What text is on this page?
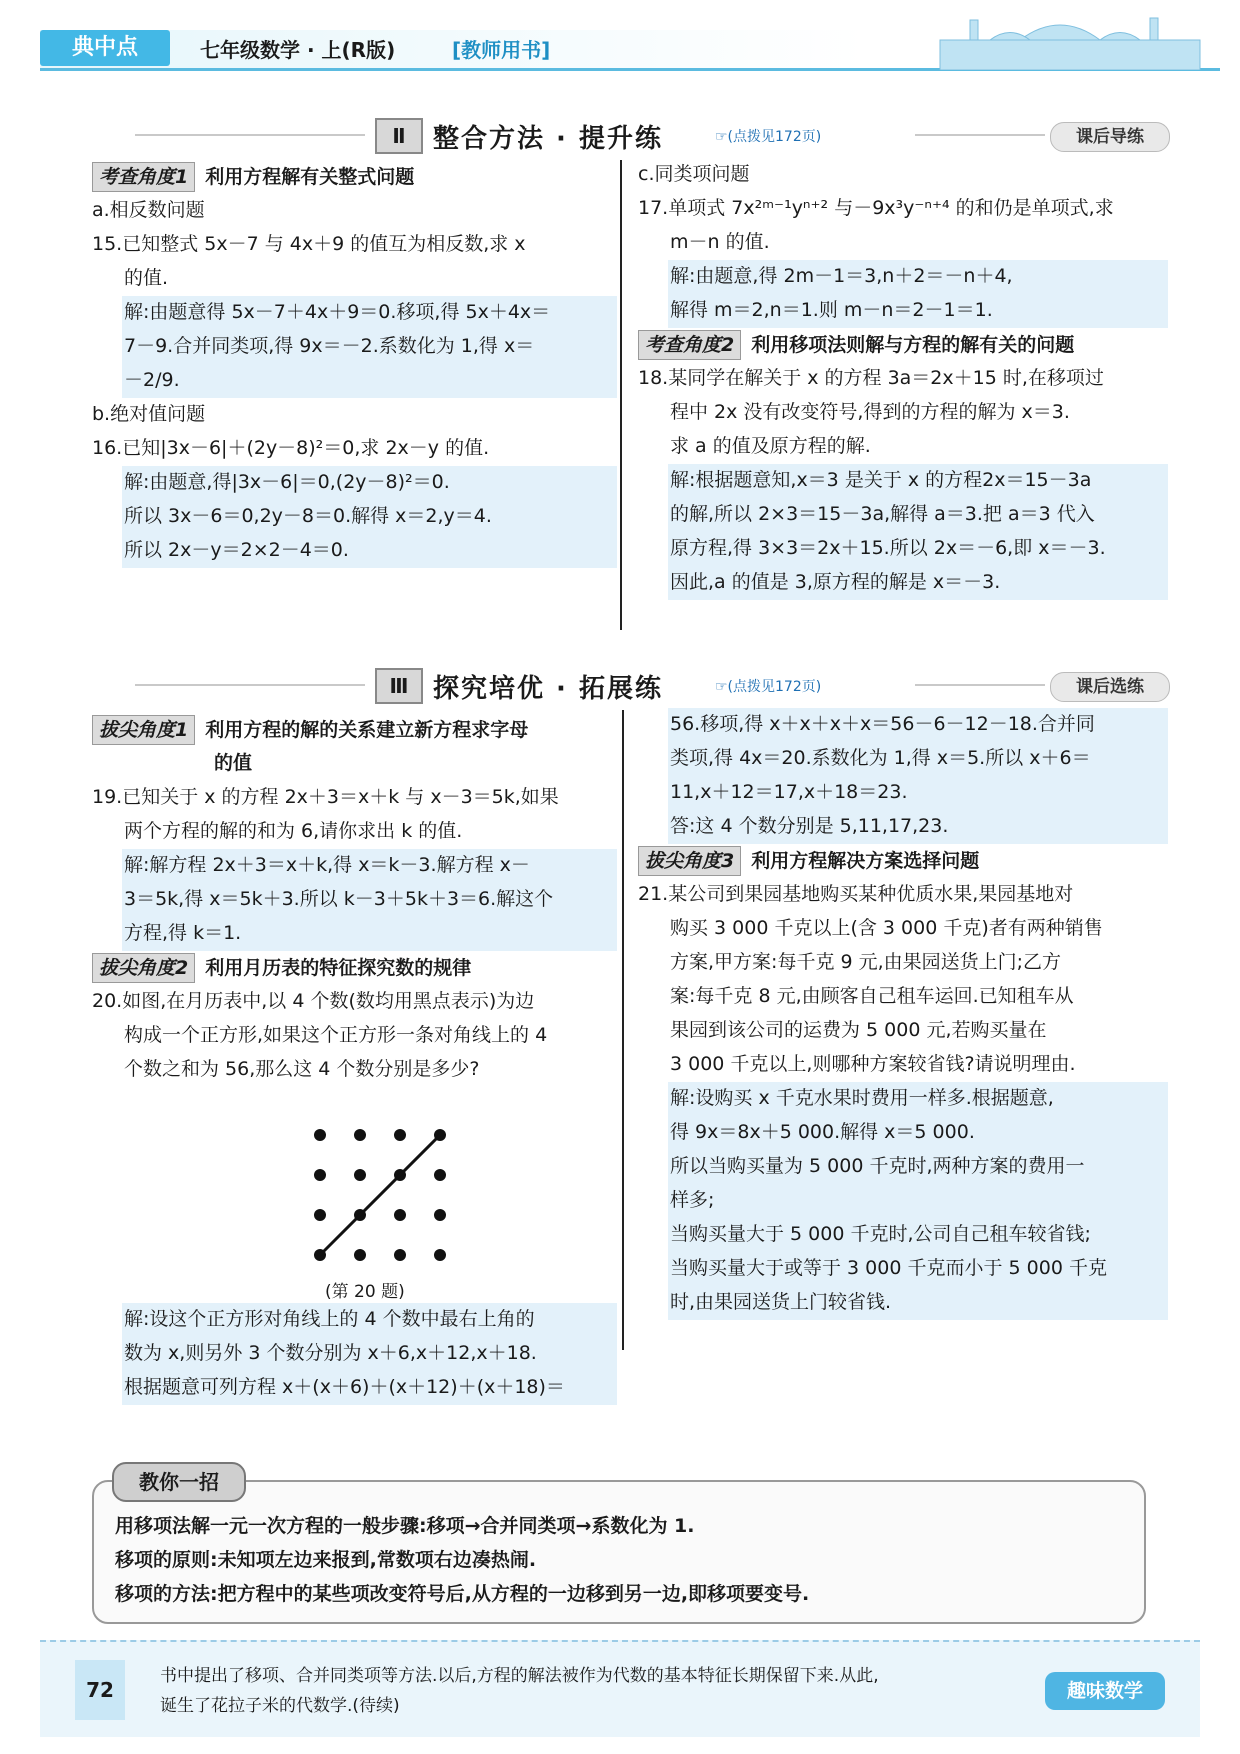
典中点	七年级数学 · 上(R版)	[教师用书]
Ⅱ	整合方法 · 提升练	☞(点拨见172页)	课后导练
考查角度1 利用方程解有关整式问题
a.相反数问题
15.已知整式 5x－7 与 4x＋9 的值互为相反数,求 x
的值.
解:由题意得 5x－7＋4x＋9＝0.移项,得 5x＋4x＝
7－9.合并同类项,得 9x＝－2.系数化为 1,得 x＝
－2/9.
b.绝对值问题
16.已知|3x－6|＋(2y－8)²＝0,求 2x－y 的值.
解:由题意,得|3x－6|＝0,(2y－8)²＝0.
所以 3x－6＝0,2y－8＝0.解得 x＝2,y＝4.
所以 2x－y＝2×2－4＝0.
c.同类项问题
17.单项式 7x²ᵐ⁻¹yⁿ⁺² 与－9x³y⁻ⁿ⁺⁴ 的和仍是单项式,求
m－n 的值.
解:由题意,得 2m－1＝3,n＋2＝－n＋4,
解得 m＝2,n＝1.则 m－n＝2－1＝1.
考查角度2 利用移项法则解与方程的解有关的问题
18.某同学在解关于 x 的方程 3a＝2x＋15 时,在移项过
程中 2x 没有改变符号,得到的方程的解为 x＝3.
求 a 的值及原方程的解.
解:根据题意知,x＝3 是关于 x 的方程2x＝15－3a
的解,所以 2×3＝15－3a,解得 a＝3.把 a＝3 代入
原方程,得 3×3＝2x＋15.所以 2x＝－6,即 x＝－3.
因此,a 的值是 3,原方程的解是 x＝－3.
Ⅲ 探究培优 · 拓展练	☞(点拨见172页)	课后选练
拔尖角度1 利用方程的解的关系建立新方程求字母
的值
19.已知关于 x 的方程 2x＋3＝x＋k 与 x－3＝5k,如果
两个方程的解的和为 6,请你求出 k 的值.
解:解方程 2x＋3＝x＋k,得 x＝k－3.解方程 x－
3＝5k,得 x＝5k＋3.所以 k－3＋5k＋3＝6.解这个
方程,得 k＝1.
拔尖角度2 利用月历表的特征探究数的规律
20.如图,在月历表中,以 4 个数(数均用黑点表示)为边
构成一个正方形,如果这个正方形一条对角线上的 4
个数之和为 56,那么这 4 个数分别是多少?
(第 20 题)
解:设这个正方形对角线上的 4 个数中最右上角的
数为 x,则另外 3 个数分别为 x＋6,x＋12,x＋18.
根据题意可列方程 x＋(x＋6)＋(x＋12)＋(x＋18)＝
56.移项,得 x＋x＋x＋x＝56－6－12－18.合并同
类项,得 4x＝20.系数化为 1,得 x＝5.所以 x＋6＝
11,x＋12＝17,x＋18＝23.
答:这 4 个数分别是 5,11,17,23.
拔尖角度3 利用方程解决方案选择问题
21.某公司到果园基地购买某种优质水果,果园基地对
购买 3 000 千克以上(含 3 000 千克)者有两种销售
方案,甲方案:每千克 9 元,由果园送货上门;乙方
案:每千克 8 元,由顾客自己租车运回.已知租车从
果园到该公司的运费为 5 000 元,若购买量在
3 000 千克以上,则哪种方案较省钱?请说明理由.
解:设购买 x 千克水果时费用一样多.根据题意,
得 9x＝8x＋5 000.解得 x＝5 000.
所以当购买量为 5 000 千克时,两种方案的费用一
样多;
当购买量大于 5 000 千克时,公司自己租车较省钱;
当购买量大于或等于 3 000 千克而小于 5 000 千克
时,由果园送货上门较省钱.
教你一招
用移项法解一元一次方程的一般步骤:移项→合并同类项→系数化为 1.
移项的原则:未知项左边来报到,常数项右边凑热闹.
移项的方法:把方程中的某些项改变符号后,从方程的一边移到另一边,即移项要变号.
72
书中提出了移项、合并同类项等方法.以后,方程的解法被作为代数的基本特征长期保留下来.从此,
诞生了花拉子米的代数学.(待续)
趣味数学
